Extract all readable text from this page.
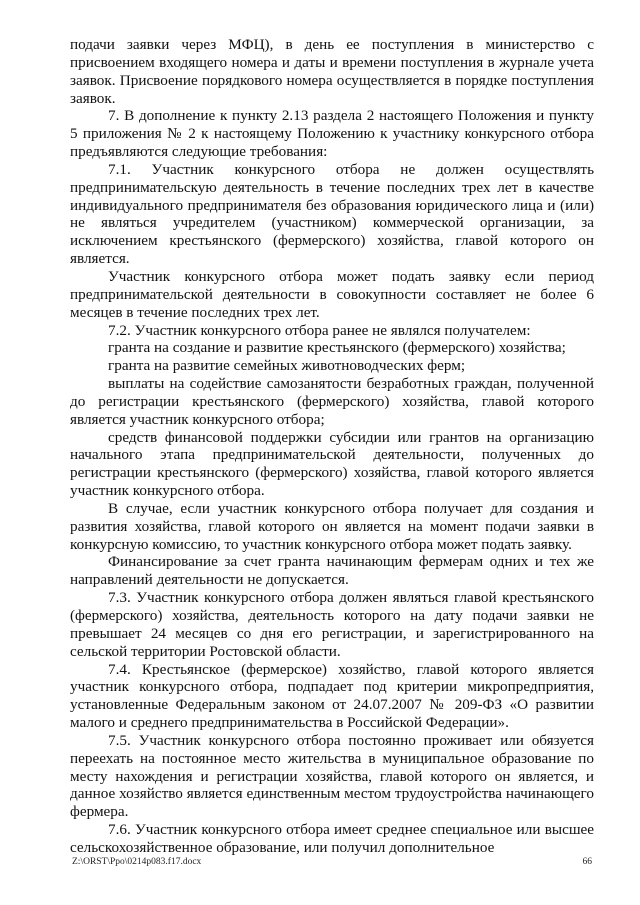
подачи заявки через МФЦ), в день ее поступления в министерство с присвоением входящего номера и даты и времени поступления в журнале учета заявок. Присвоение порядкового номера осуществляется в порядке поступления заявок.

7. В дополнение к пункту 2.13 раздела 2 настоящего Положения и пункту 5 приложения № 2 к настоящему Положению к участнику конкурсного отбора предъявляются следующие требования:

7.1. Участник конкурсного отбора не должен осуществлять предпринимательскую деятельность в течение последних трех лет в качестве индивидуального предпринимателя без образования юридического лица и (или) не являться учредителем (участником) коммерческой организации, за исключением крестьянского (фермерского) хозяйства, главой которого он является.

Участник конкурсного отбора может подать заявку если период предпринимательской деятельности в совокупности составляет не более 6 месяцев в течение последних трех лет.

7.2. Участник конкурсного отбора ранее не являлся получателем:

гранта на создание и развитие крестьянского (фермерского) хозяйства;

гранта на развитие семейных животноводческих ферм;

выплаты на содействие самозанятости безработных граждан, полученной до регистрации крестьянского (фермерского) хозяйства, главой которого является участник конкурсного отбора;

средств финансовой поддержки субсидии или грантов на организацию начального этапа предпринимательской деятельности, полученных до регистрации крестьянского (фермерского) хозяйства, главой которого является участник конкурсного отбора.

В случае, если участник конкурсного отбора получает для создания и развития хозяйства, главой которого он является на момент подачи заявки в конкурсную комиссию, то участник конкурсного отбора может подать заявку.

Финансирование за счет гранта начинающим фермерам одних и тех же направлений деятельности не допускается.

7.3. Участник конкурсного отбора должен являться главой крестьянского (фермерского) хозяйства, деятельность которого на дату подачи заявки не превышает 24 месяцев со дня его регистрации, и зарегистрированного на сельской территории Ростовской области.

7.4. Крестьянское (фермерское) хозяйство, главой которого является участник конкурсного отбора, подпадает под критерии микропредприятия, установленные Федеральным законом от 24.07.2007 № 209-ФЗ «О развитии малого и среднего предпринимательства в Российской Федерации».

7.5. Участник конкурсного отбора постоянно проживает или обязуется переехать на постоянное место жительства в муниципальное образование по месту нахождения и регистрации хозяйства, главой которого он является, и данное хозяйство является единственным местом трудоустройства начинающего фермера.

7.6. Участник конкурсного отбора имеет среднее специальное или высшее сельскохозяйственное образование, или получил дополнительное

Z:\ORST\Ppo\0214p083.f17.docx	66
